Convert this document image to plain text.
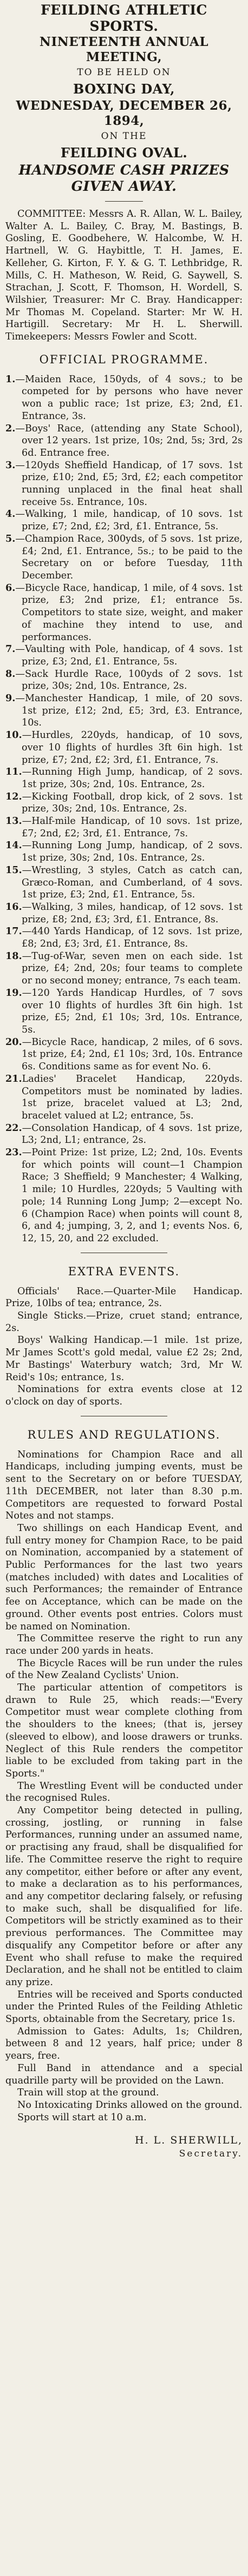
FEILDING ATHLETIC SPORTS.
NINETEENTH ANNUAL MEETING,
TO BE HELD ON
BOXING DAY,
WEDNESDAY, DECEMBER 26, 1894,
ON THE
FEILDING OVAL.
HANDSOME CASH PRIZES
GIVEN AWAY.

COMMITTEE: Messrs A. R. Allan, W. L. Bailey, Walter A. L. Bailey, C. Bray, M. Bastings, B. Gosling, E. Goodbehere, W. Halcombe, W. H. Hartnell, W. G. Haybittle, T. H. James, E. Kelleher, G. Kirton, F. Y. & G. T. Lethbridge, R. Mills, C. H. Matheson, W. Reid, G. Saywell, S. Strachan, J. Scott, F. Thomson, H. Wordell, S. Wilshier, Treasurer: Mr C. Bray. Handicapper: Mr Thomas M. Copeland. Starter: Mr W. H. Hartigill. Secretary: Mr H. L. Sherwill. Timekeepers: Messrs Fowler and Scott.

OFFICIAL PROGRAMME.

1.—Maiden Race, 150yds, of 4 sovs.; to be competed for by persons who have never won a public race; 1st prize, £3; 2nd, £1. Entrance, 3s.

2.—Boys' Race, (attending any State School), over 12 years. 1st prize, 10s; 2nd, 5s; 3rd, 2s 6d. Entrance free.

3.—120yds Sheffield Handicap, of 17 sovs. 1st prize, £10; 2nd, £5; 3rd, £2; each competitor running unplaced in the final heat shall receive 5s. Entrance, 10s.

4.—Walking, 1 mile, handicap, of 10 sovs. 1st prize, £7; 2nd, £2; 3rd, £1. Entrance, 5s.

5.—Champion Race, 300yds, of 5 sovs. 1st prize, £4; 2nd, £1. Entrance, 5s.; to be paid to the Secretary on or before Tuesday, 11th December.

6.—Bicycle Race, handicap, 1 mile, of 4 sovs. 1st prize, £3; 2nd prize, £1; entrance 5s. Competitors to state size, weight, and maker of machine they intend to use, and performances.

7.—Vaulting with Pole, handicap, of 4 sovs. 1st prize, £3; 2nd, £1. Entrance, 5s.

8.—Sack Hurdle Race, 100yds of 2 sovs. 1st prize, 30s; 2nd, 10s. Entrance, 2s.

9.—Manchester Handicap, 1 mile, of 20 sovs. 1st prize, £12; 2nd, £5; 3rd, £3. Entrance, 10s.

10.—Hurdles, 220yds, handicap, of 10 sovs, over 10 flights of hurdles 3ft 6in high. 1st prize, £7; 2nd, £2; 3rd, £1. Entrance, 7s.

11.—Running High Jump, handicap, of 2 sovs. 1st prize, 30s; 2nd, 10s. Entrance, 2s.

12.—Kicking Football, drop kick, of 2 sovs. 1st prize, 30s; 2nd, 10s. Entrance, 2s.

13.—Half-mile Handicap, of 10 sovs. 1st prize, £7; 2nd, £2; 3rd, £1. Entrance, 7s.

14.—Running Long Jump, handicap, of 2 sovs. 1st prize, 30s; 2nd, 10s. Entrance, 2s.

15.—Wrestling, 3 styles, Catch as catch can, Græco-Roman, and Cumberland, of 4 sovs. 1st prize, £3; 2nd, £1. Entrance, 5s.

16.—Walking, 3 miles, handicap, of 12 sovs. 1st prize, £8; 2nd, £3; 3rd, £1. Entrance, 8s.

17.—440 Yards Handicap, of 12 sovs. 1st prize, £8; 2nd, £3; 3rd, £1. Entrance, 8s.

18.—Tug-of-War, seven men on each side. 1st prize, £4; 2nd, 20s; four teams to complete or no second money; entrance, 7s each team.

19.—120 Yards Handicap Hurdles, of 7 sovs over 10 flights of hurdles 3ft 6in high. 1st prize, £5; 2nd, £1 10s; 3rd, 10s. Entrance, 5s.

20.—Bicycle Race, handicap, 2 miles, of 6 sovs. 1st prize, £4; 2nd, £1 10s; 3rd, 10s. Entrance 6s. Conditions same as for event No. 6.

21.Ladies' Bracelet Handicap, 220yds. Competitors must be nominated by ladies. 1st prize, bracelet valued at L3; 2nd, bracelet valued at L2; entrance, 5s.

22.—Consolation Handicap, of 4 sovs. 1st prize, L3; 2nd, L1; entrance, 2s.

23.—Point Prize: 1st prize, L2; 2nd, 10s. Events for which points will count—1 Champion Race; 3 Sheffield; 9 Manchester; 4 Walking, 1 mile; 10 Hurdles, 220yds; 5 Vaulting with pole; 14 Running Long Jump; 2—except No. 6 (Champion Race) when points will count 8, 6, and 4; jumping, 3, 2, and 1; events Nos. 6, 12, 15, 20, and 22 excluded.

EXTRA EVENTS.

Officials' Race.—Quarter-Mile Handicap. Prize, 10lbs of tea; entrance, 2s.

Single Sticks.—Prize, cruet stand; entrance, 2s.

Boys' Walking Handicap.—1 mile. 1st prize, Mr James Scott's gold medal, value £2 2s; 2nd, Mr Bastings' Waterbury watch; 3rd, Mr W. Reid's 10s; entrance, 1s.

Nominations for extra events close at 12 o'clock on day of sports.

RULES AND REGULATIONS.

Nominations for Champion Race and all Handicaps, including jumping events, must be sent to the Secretary on or before TUESDAY, 11th DECEMBER, not later than 8.30 p.m. Competitors are requested to forward Postal Notes and not stamps.

Two shillings on each Handicap Event, and full entry money for Champion Race, to be paid on Nomination, accompanied by a statement of Public Performances for the last two years (matches included) with dates and Localities of such Performances; the remainder of Entrance fee on Acceptance, which can be made on the ground. Other events post entries. Colors must be named on Nomination.

The Committee reserve the right to run any race under 200 yards in heats.

The Bicycle Races will be run under the rules of the New Zealand Cyclists' Union.

The particular attention of competitors is drawn to Rule 25, which reads:—"Every Competitor must wear complete clothing from the shoulders to the knees; (that is, jersey (sleeved to elbow), and loose drawers or trunks. Neglect of this Rule renders the competitor liable to be excluded from taking part in the Sports."

The Wrestling Event will be conducted under the recognised Rules.

Any Competitor being detected in pulling, crossing, jostling, or running in false Performances, running under an assumed name, or practising any fraud, shall be disqualified for life. The Committee reserve the right to require any competitor, either before or after any event, to make a declaration as to his performances, and any competitor declaring falsely, or refusing to make such, shall be disqualified for life. Competitors will be strictly examined as to their previous performances. The Committee may disqualify any Competitor before or after any Event who shall refuse to make the required Declaration, and he shall not be entitled to claim any prize.

Entries will be received and Sports conducted under the Printed Rules of the Feilding Athletic Sports, obtainable from the Secretary, price 1s.

Admission to Gates: Adults, 1s; Children, between 8 and 12 years, half price; under 8 years, free.

Full Band in attendance and a special quadrille party will be provided on the Lawn.

Train will stop at the ground.

No Intoxicating Drinks allowed on the ground.

Sports will start at 10 a.m.

H. L. SHERWILL,
Secretary.
